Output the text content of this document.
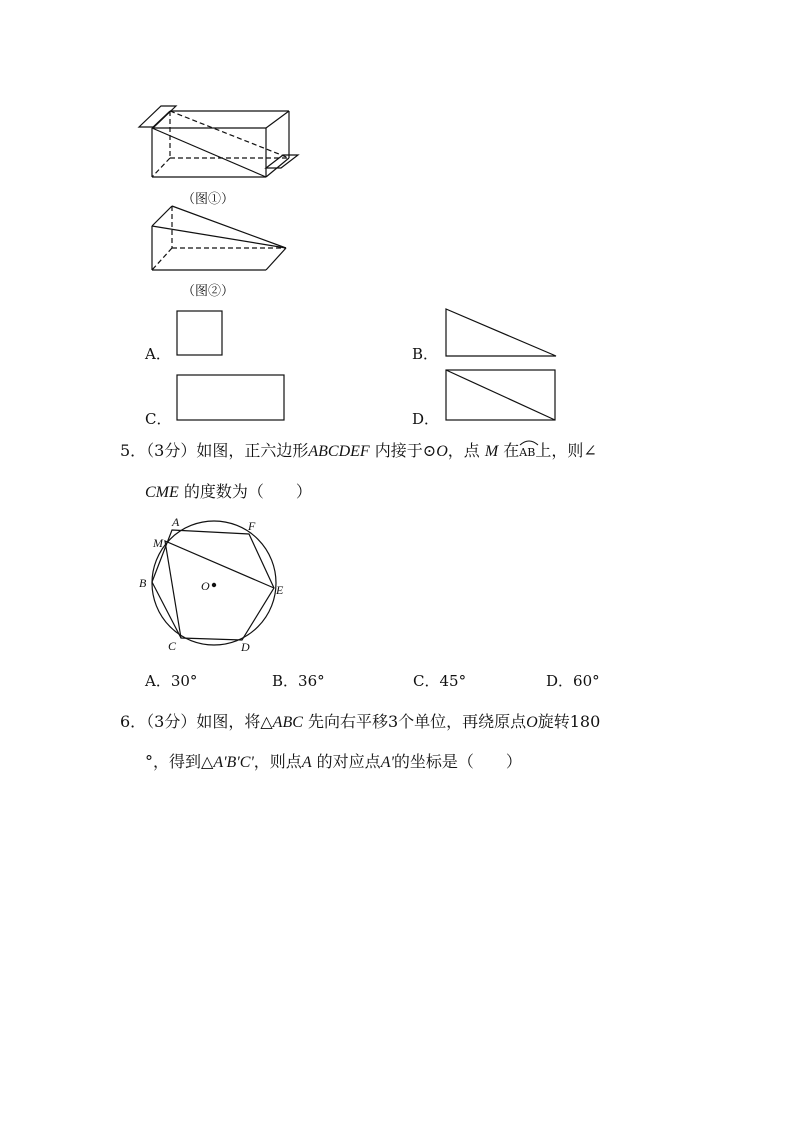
A	F
M
B	O	E
C	D
（图①）
（图②）
A．	B．
C．	D．
5．（3分）如图，正六边形ABCDEF 内接于⊙O，点 M 在
AB上，则∠
CME 的度数为（　　）
A．30°	B．36°	C．45°	D．60°
6．（3分）如图，将△ABC 先向右平移3个单位，再绕原点O旋转180
°，得到△A'B'C'，则点A 的对应点A'的坐标是（　　）
